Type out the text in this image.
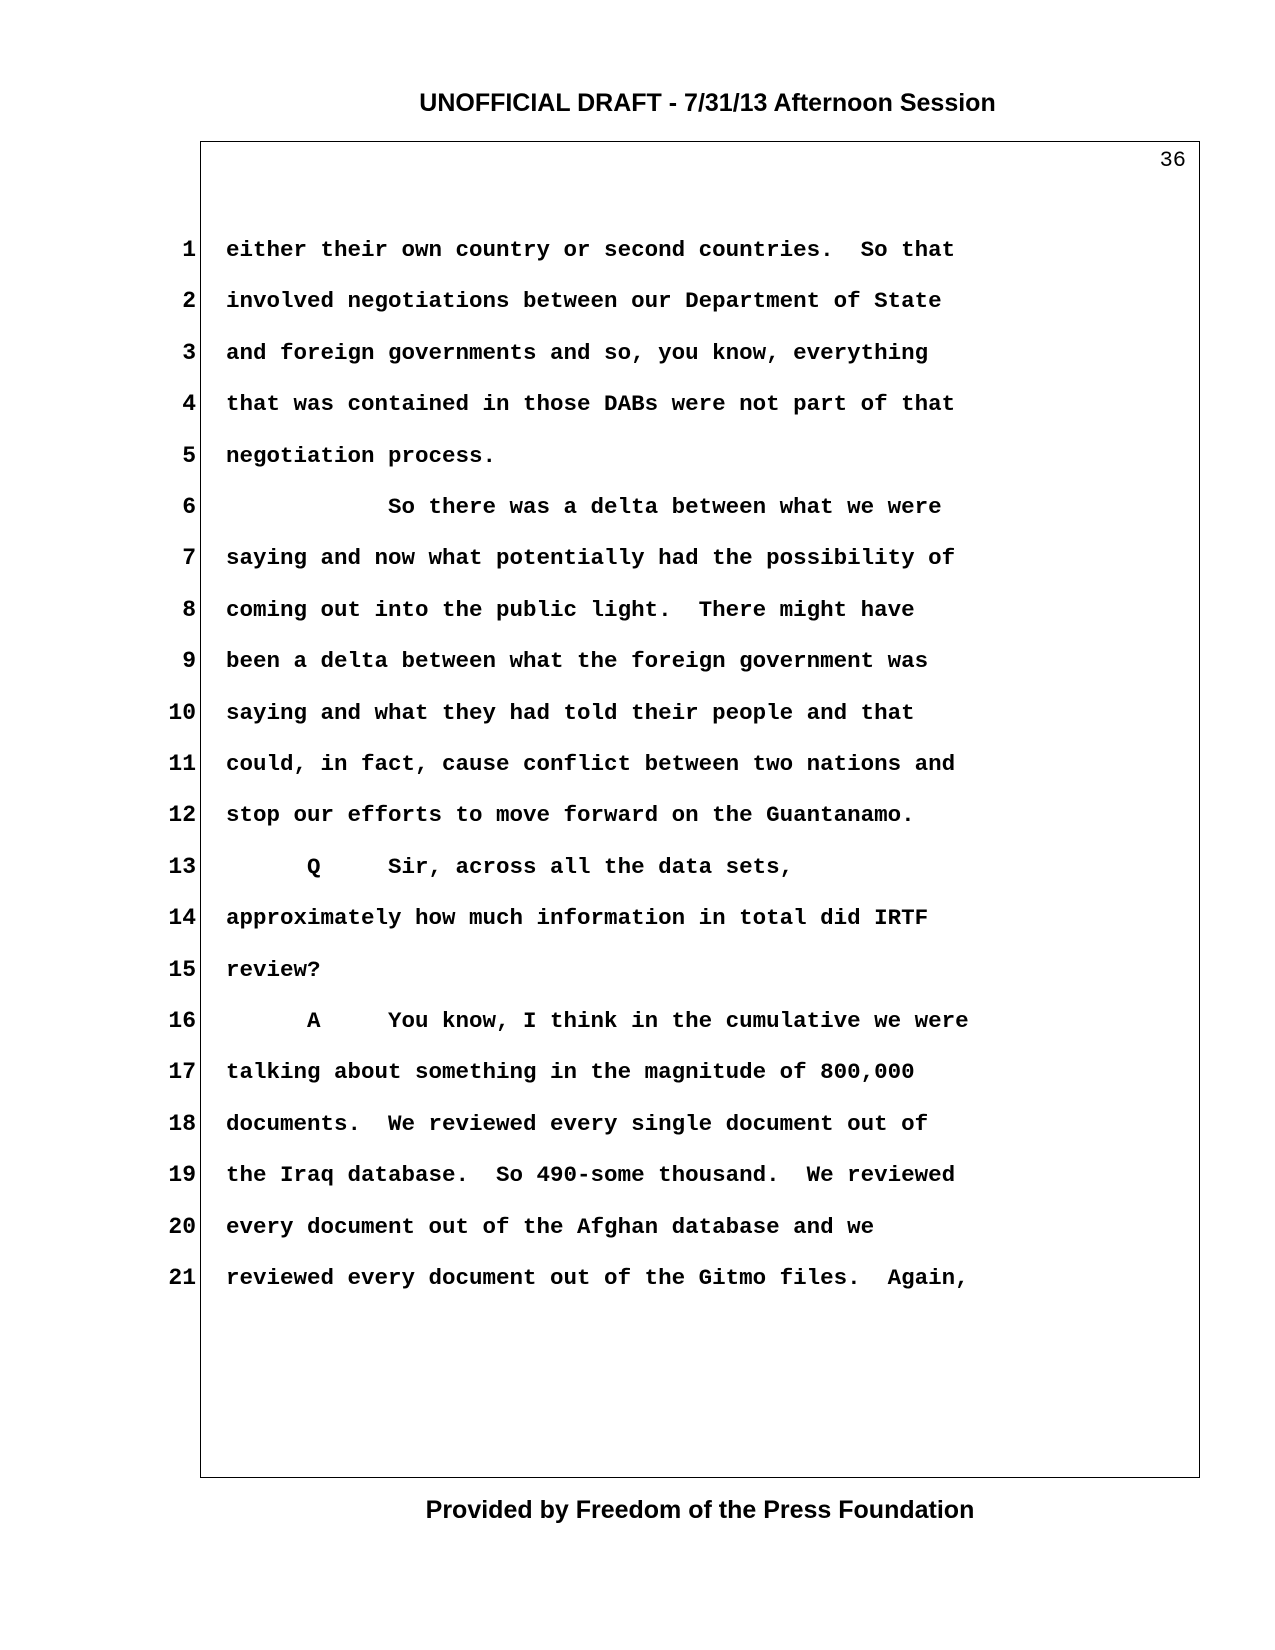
UNOFFICIAL DRAFT - 7/31/13 Afternoon Session
36
1 either their own country or second countries.  So that
2 involved negotiations between our Department of State
3 and foreign governments and so, you know, everything
4 that was contained in those DABs were not part of that
5 negotiation process.
6 So there was a delta between what we were
7 saying and now what potentially had the possibility of
8 coming out into the public light.  There might have
9 been a delta between what the foreign government was
10 saying and what they had told their people and that
11 could, in fact, cause conflict between two nations and
12 stop our efforts to move forward on the Guantanamo.
13 Q     Sir, across all the data sets,
14 approximately how much information in total did IRTF
15 review?
16 A     You know, I think in the cumulative we were
17 talking about something in the magnitude of 800,000
18 documents.  We reviewed every single document out of
19 the Iraq database.  So 490-some thousand.  We reviewed
20 every document out of the Afghan database and we
21 reviewed every document out of the Gitmo files.  Again,
Provided by Freedom of the Press Foundation
